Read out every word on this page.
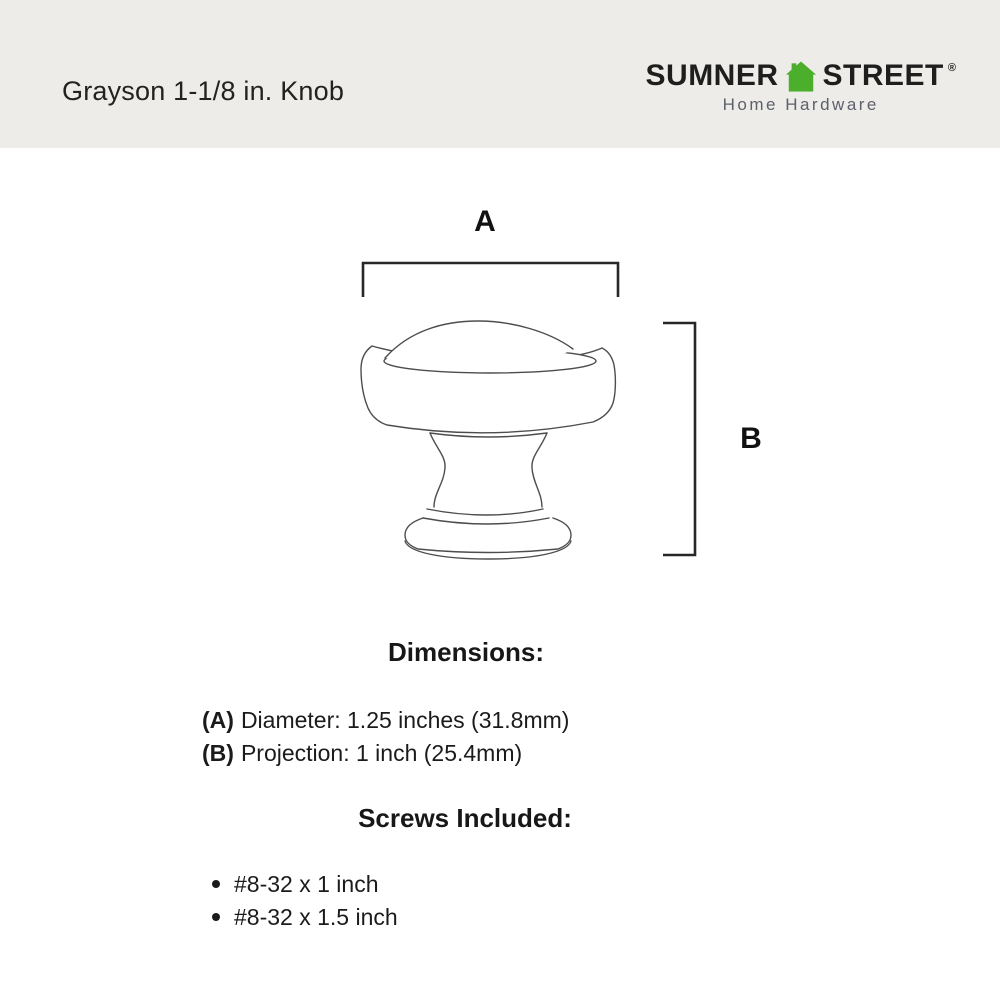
Grayson 1-1/8 in. Knob	SUMNER STREET ®
Home Hardware
A
B
Dimensions:
(A) Diameter: 1.25 inches (31.8mm)
(B) Projection: 1 inch (25.4mm)
Screws Included:
#8-32 x 1 inch
#8-32 x 1.5 inch
